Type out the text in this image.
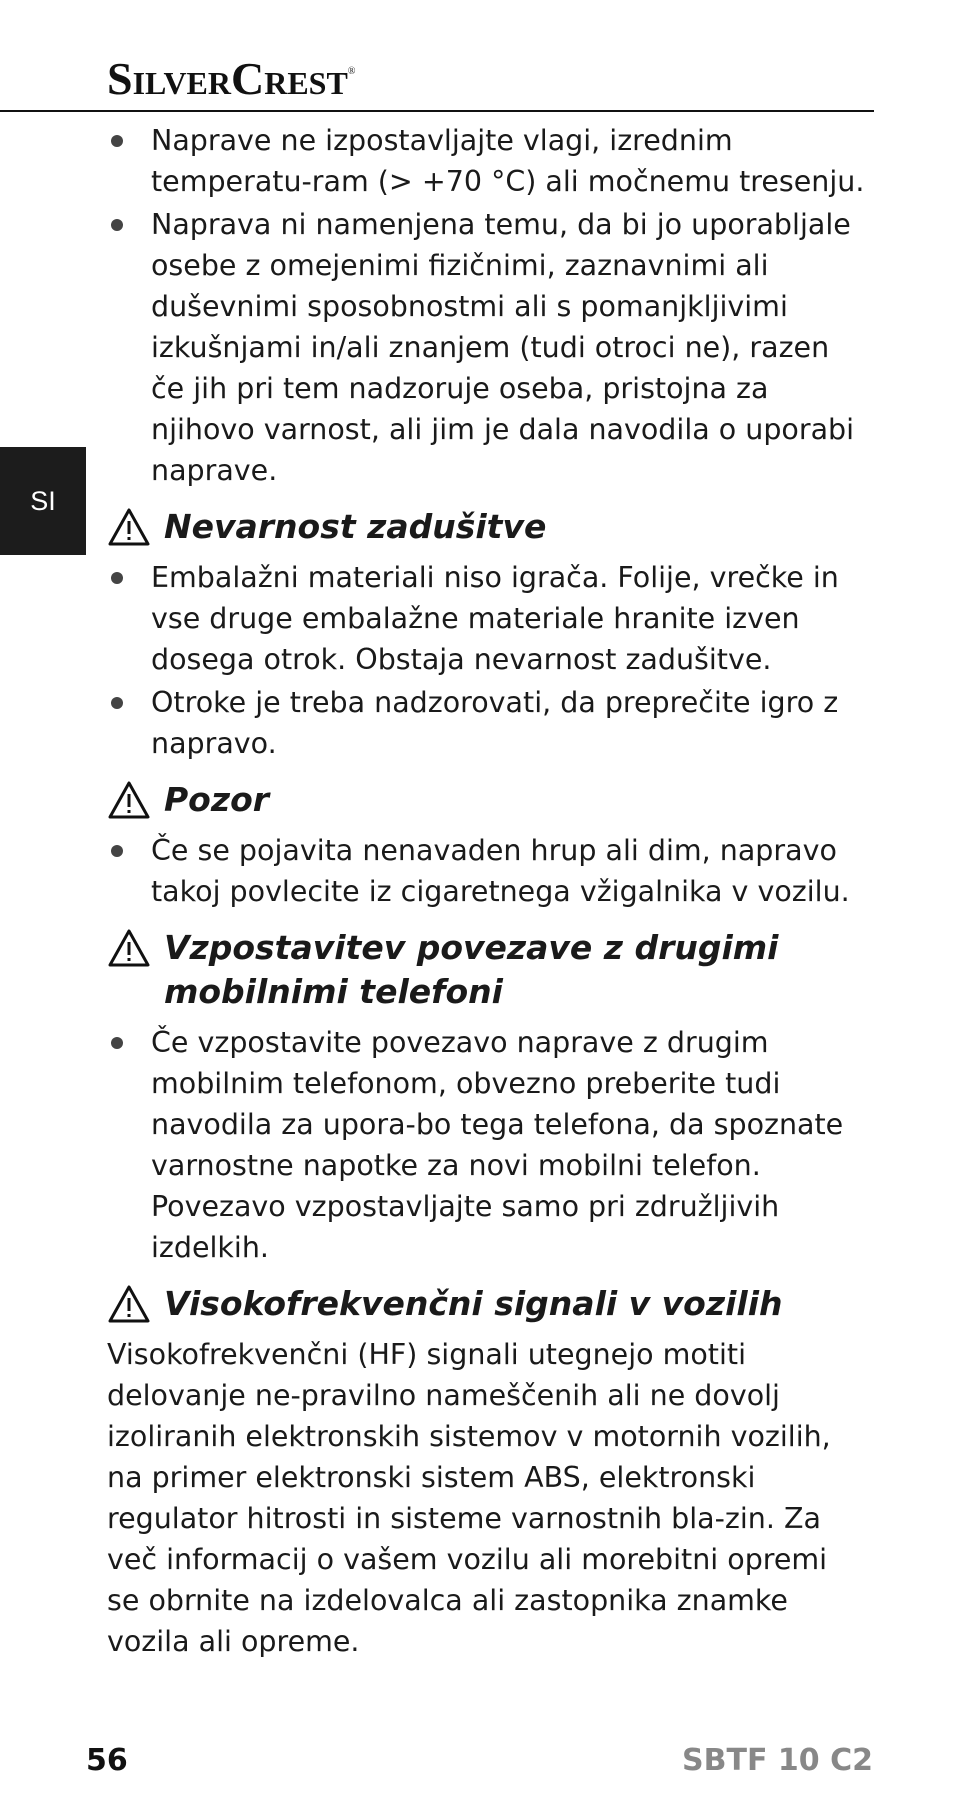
SilverCrest®
SI
Naprave ne izpostavljajte vlagi, izrednim temperatu-ram (> +70 °C) ali močnemu tresenju.
Naprava ni namenjena temu, da bi jo uporabljale osebe z omejenimi fizičnimi, zaznavnimi ali duševnimi sposobnostmi ali s pomanjkljivimi izkušnjami in/ali znanjem (tudi otroci ne), razen če jih pri tem nadzoruje oseba, pristojna za njihovo varnost, ali jim je dala navodila o uporabi naprave.
Nevarnost zadušitve
Embalažni materiali niso igrača. Folije, vrečke in vse druge embalažne materiale hranite izven dosega otrok. Obstaja nevarnost zadušitve.
Otroke je treba nadzorovati, da preprečite igro z napravo.
Pozor
Če se pojavita nenavaden hrup ali dim, napravo takoj povlecite iz cigaretnega vžigalnika v vozilu.
Vzpostavitev povezave z drugimi mobilnimi telefoni
Če vzpostavite povezavo naprave z drugim mobilnim telefonom, obvezno preberite tudi navodila za upora-bo tega telefona, da spoznate varnostne napotke za novi mobilni telefon. Povezavo vzpostavljajte samo pri združljivih izdelkih.
Visokofrekvenčni signali v vozilih
Visokofrekvenčni (HF) signali utegnejo motiti delovanje ne-pravilno nameščenih ali ne dovolj izoliranih elektronskih sistemov v motornih vozilih, na primer elektronski sistem ABS, elektronski regulator hitrosti in sisteme varnostnih bla-zin. Za več informacij o vašem vozilu ali morebitni opremi se obrnite na izdelovalca ali zastopnika znamke vozila ali opreme.
56	SBTF 10 C2
